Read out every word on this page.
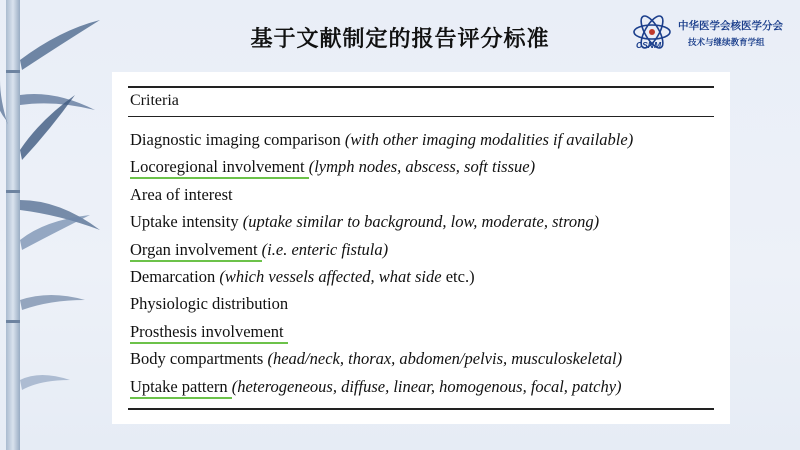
基于文献制定的报告评分标准	CSNM
中华医学会核医学分会
技术与继续教育学组
Criteria
Diagnostic imaging comparison (with other imaging modalities if available)
Locoregional involvement (lymph nodes, abscess, soft tissue)
Area of interest
Uptake intensity (uptake similar to background, low, moderate, strong)
Organ involvement (i.e. enteric fistula)
Demarcation (which vessels affected, what side etc.)
Physiologic distribution
Prosthesis involvement
Body compartments (head/neck, thorax, abdomen/pelvis, musculoskeletal)
Uptake pattern (heterogeneous, diffuse, linear, homogenous, focal, patchy)
